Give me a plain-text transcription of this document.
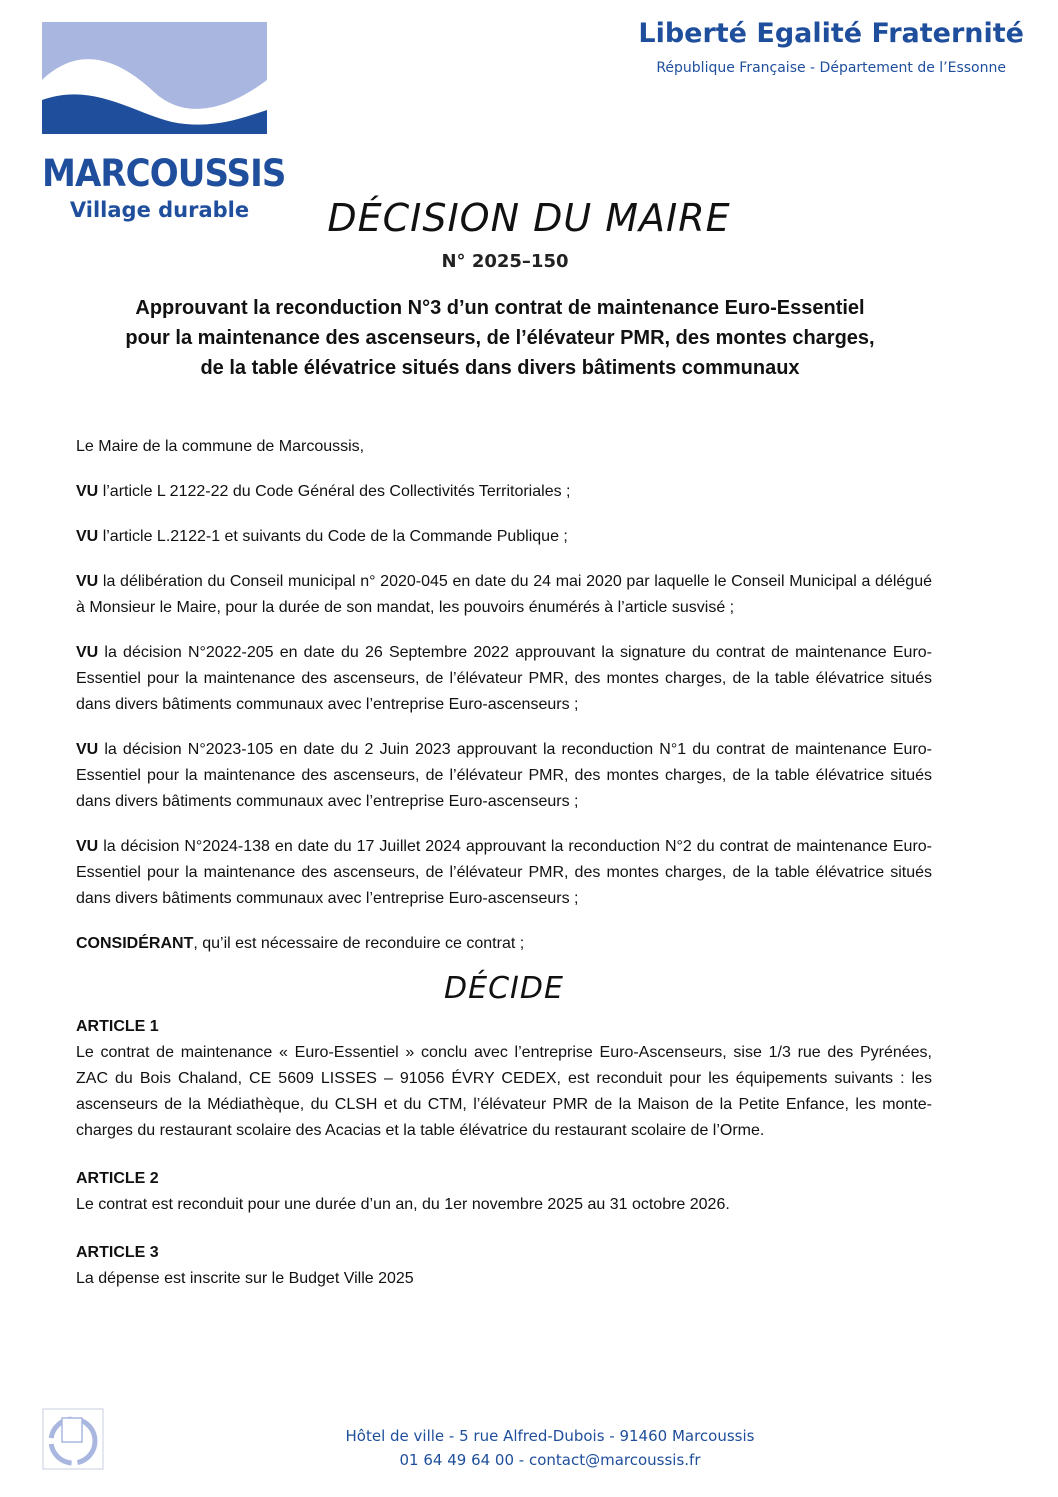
MARCOUSSIS
Village durable
Liberté Egalité Fraternité
République Française - Département de l’Essonne
DÉCISION DU MAIRE
N° 2025–150
Approuvant la reconduction N°3 d’un contrat de maintenance Euro-Essentiel
pour la maintenance des ascenseurs, de l’élévateur PMR, des montes charges,
de la table élévatrice situés dans divers bâtiments communaux

Le Maire de la commune de Marcoussis,

VU l’article L 2122-22 du Code Général des Collectivités Territoriales ;

VU l’article L.2122-1 et suivants du Code de la Commande Publique ;

VU la délibération du Conseil municipal n° 2020-045 en date du 24 mai 2020 par laquelle le Conseil Municipal a délégué à Monsieur le Maire, pour la durée de son mandat, les pouvoirs énumérés à l’article susvisé ;

VU la décision N°2022-205 en date du 26 Septembre 2022 approuvant la signature du contrat de maintenance Euro-Essentiel pour la maintenance des ascenseurs, de l’élévateur PMR, des montes charges, de la table élévatrice situés dans divers bâtiments communaux avec l’entreprise Euro-ascenseurs ;

VU la décision N°2023-105 en date du 2 Juin 2023 approuvant la reconduction N°1 du contrat de maintenance Euro-Essentiel pour la maintenance des ascenseurs, de l’élévateur PMR, des montes charges, de la table élévatrice situés dans divers bâtiments communaux avec l’entreprise Euro-ascenseurs ;

VU la décision N°2024-138 en date du 17 Juillet 2024 approuvant la reconduction N°2 du contrat de maintenance Euro-Essentiel pour la maintenance des ascenseurs, de l’élévateur PMR, des montes charges, de la table élévatrice situés dans divers bâtiments communaux avec l’entreprise Euro-ascenseurs ;

CONSIDÉRANT, qu’il est nécessaire de reconduire ce contrat ;

DÉCIDE
ARTICLE 1
Le contrat de maintenance « Euro-Essentiel » conclu avec l’entreprise Euro-Ascenseurs, sise 1/3 rue des Pyrénées, ZAC du Bois Chaland, CE 5609 LISSES – 91056 ÉVRY CEDEX, est reconduit pour les équipements suivants : les ascenseurs de la Médiathèque, du CLSH et du CTM, l’élévateur PMR de la Maison de la Petite Enfance, les monte-charges du restaurant scolaire des Acacias et la table élévatrice du restaurant scolaire de l’Orme.
ARTICLE 2
Le contrat est reconduit pour une durée d’un an, du 1er novembre 2025 au 31 octobre 2026.
ARTICLE 3
La dépense est inscrite sur le Budget Ville 2025
Hôtel de ville - 5 rue Alfred-Dubois - 91460 Marcoussis
01 64 49 64 00 - contact@marcoussis.fr
